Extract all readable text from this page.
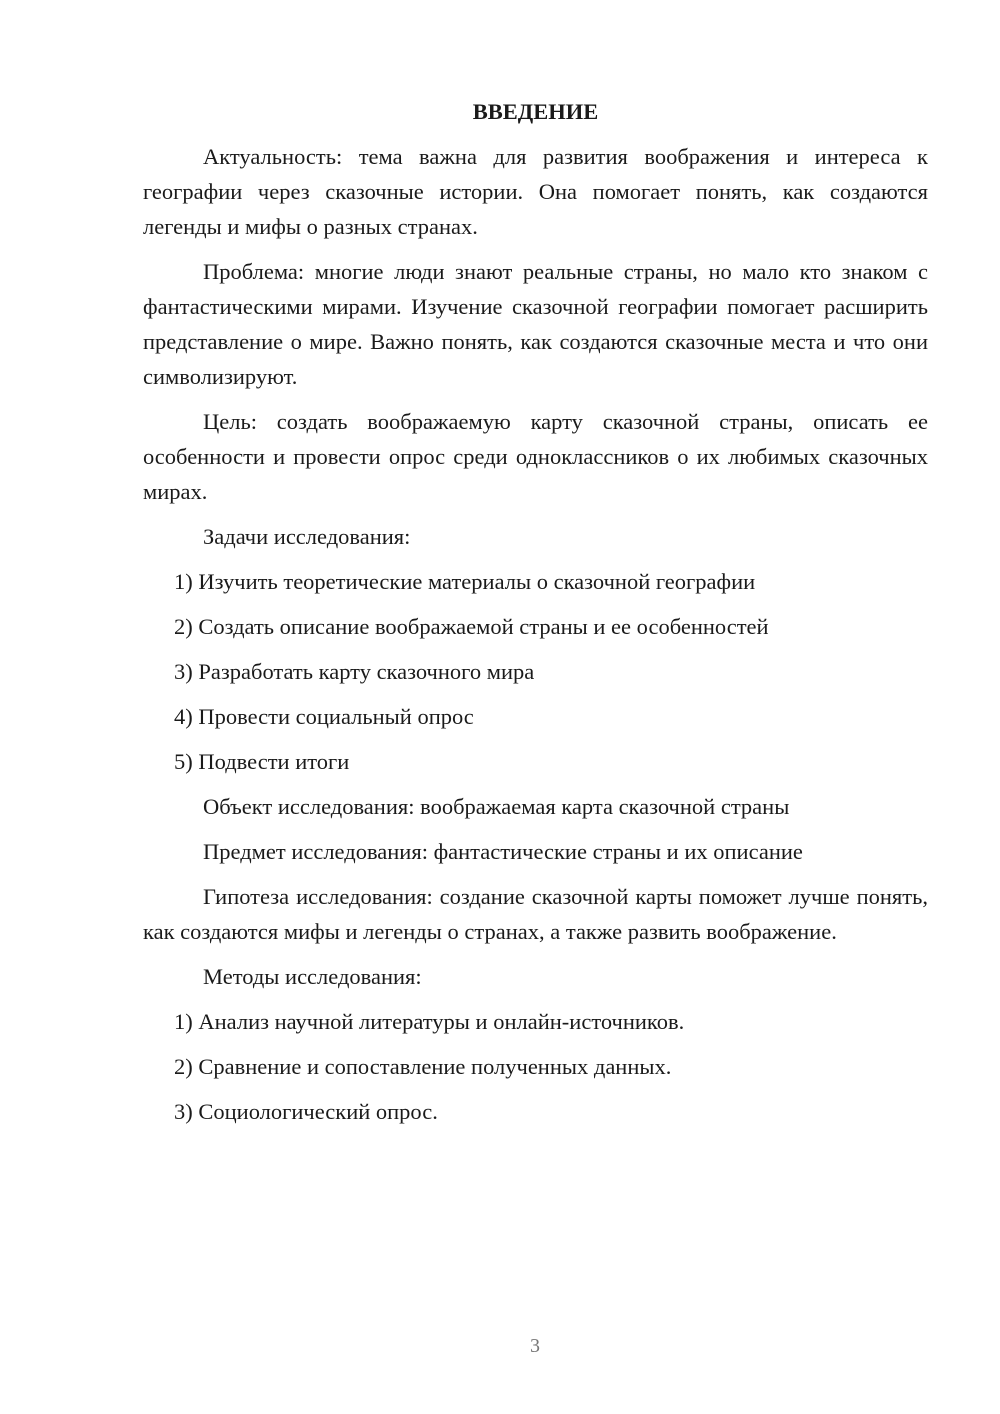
ВВЕДЕНИЕ

Актуальность: тема важна для развития воображения и интереса к географии через сказочные истории. Она помогает понять, как создаются легенды и мифы о разных странах.

Проблема: многие люди знают реальные страны, но мало кто знаком с фантастическими мирами. Изучение сказочной географии помогает расширить представление о мире. Важно понять, как создаются сказочные места и что они символизируют.

Цель: создать воображаемую карту сказочной страны, описать ее особенности и провести опрос среди одноклассников о их любимых сказочных мирах.

Задачи исследования:
1) Изучить теоретические материалы о сказочной географии
2) Создать описание воображаемой страны и ее особенностей
3) Разработать карту сказочного мира
4) Провести социальный опрос
5) Подвести итоги
Объект исследования: воображаемая карта сказочной страны
Предмет исследования: фантастические страны и их описание

Гипотеза исследования: создание сказочной карты поможет лучше понять, как создаются мифы и легенды о странах, а также развить воображение.

Методы исследования:
1) Анализ научной литературы и онлайн-источников.
2) Сравнение и сопоставление полученных данных.
3) Социологический опрос.
3
